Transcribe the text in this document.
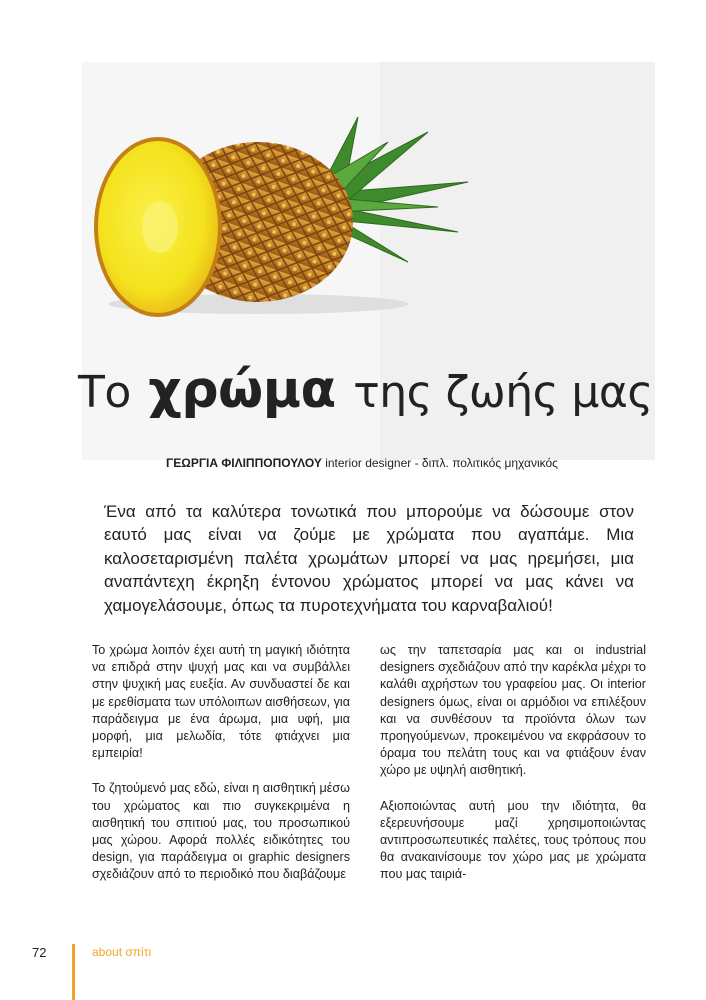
Το χρώμα της ζωής μας
ΓΕΩΡΓΙΑ ΦΙΛΙΠΠΟΠΟΥΛΟΥ interior designer - διπλ. πολιτικός μηχανικός
Ένα από τα καλύτερα τονωτικά που μπορούμε να δώσουμε στον εαυτό μας είναι να ζούμε με χρώματα που αγαπάμε. Μια καλοσεταρισμένη παλέτα χρωμάτων μπορεί να μας ηρεμήσει, μια αναπάντεχη έκρηξη έντονου χρώματος μπορεί να μας κάνει να χαμογελάσουμε, όπως τα πυροτεχνήματα του καρναβαλιού!

Το χρώμα λοιπόν έχει αυτή τη μαγική ιδιότητα να επιδρά στην ψυχή μας και να συμβάλλει στην ψυχική μας ευεξία. Αν συνδυαστεί δε και με ερεθίσματα των υπόλοιπων αισθήσεων, για παράδειγμα με ένα άρωμα, μια υφή, μια μορφή, μια μελωδία, τότε φτιάχνει μια εμπειρία!

Το ζητούμενό μας εδώ, είναι η αισθητική μέσω του χρώματος και πιο συγκεκριμένα η αισθητική του σπιτιού μας, του προσωπικού μας χώρου. Αφορά πολλές ειδικότητες του design, για παράδειγμα οι graphic designers σχεδιάζουν από το περιοδικό που διαβάζουμε

ως την ταπετσαρία μας και οι industrial designers σχεδιάζουν από την καρέκλα μέχρι το καλάθι αχρήστων του γραφείου μας. Οι interior designers όμως, είναι οι αρμόδιοι να επιλέξουν και να συνθέσουν τα προϊόντα όλων των προηγούμενων, προκειμένου να εκφράσουν το όραμα του πελάτη τους και να φτιάξουν έναν χώρο με υψηλή αισθητική.

Αξιοποιώντας αυτή μου την ιδιότητα, θα εξερευνήσουμε μαζί χρησιμοποιώντας αντιπροσωπευτικές παλέτες, τους τρόπους που θα ανακαινίσουμε τον χώρο μας με χρώματα που μας ταιριά-

72	about σπίτι
